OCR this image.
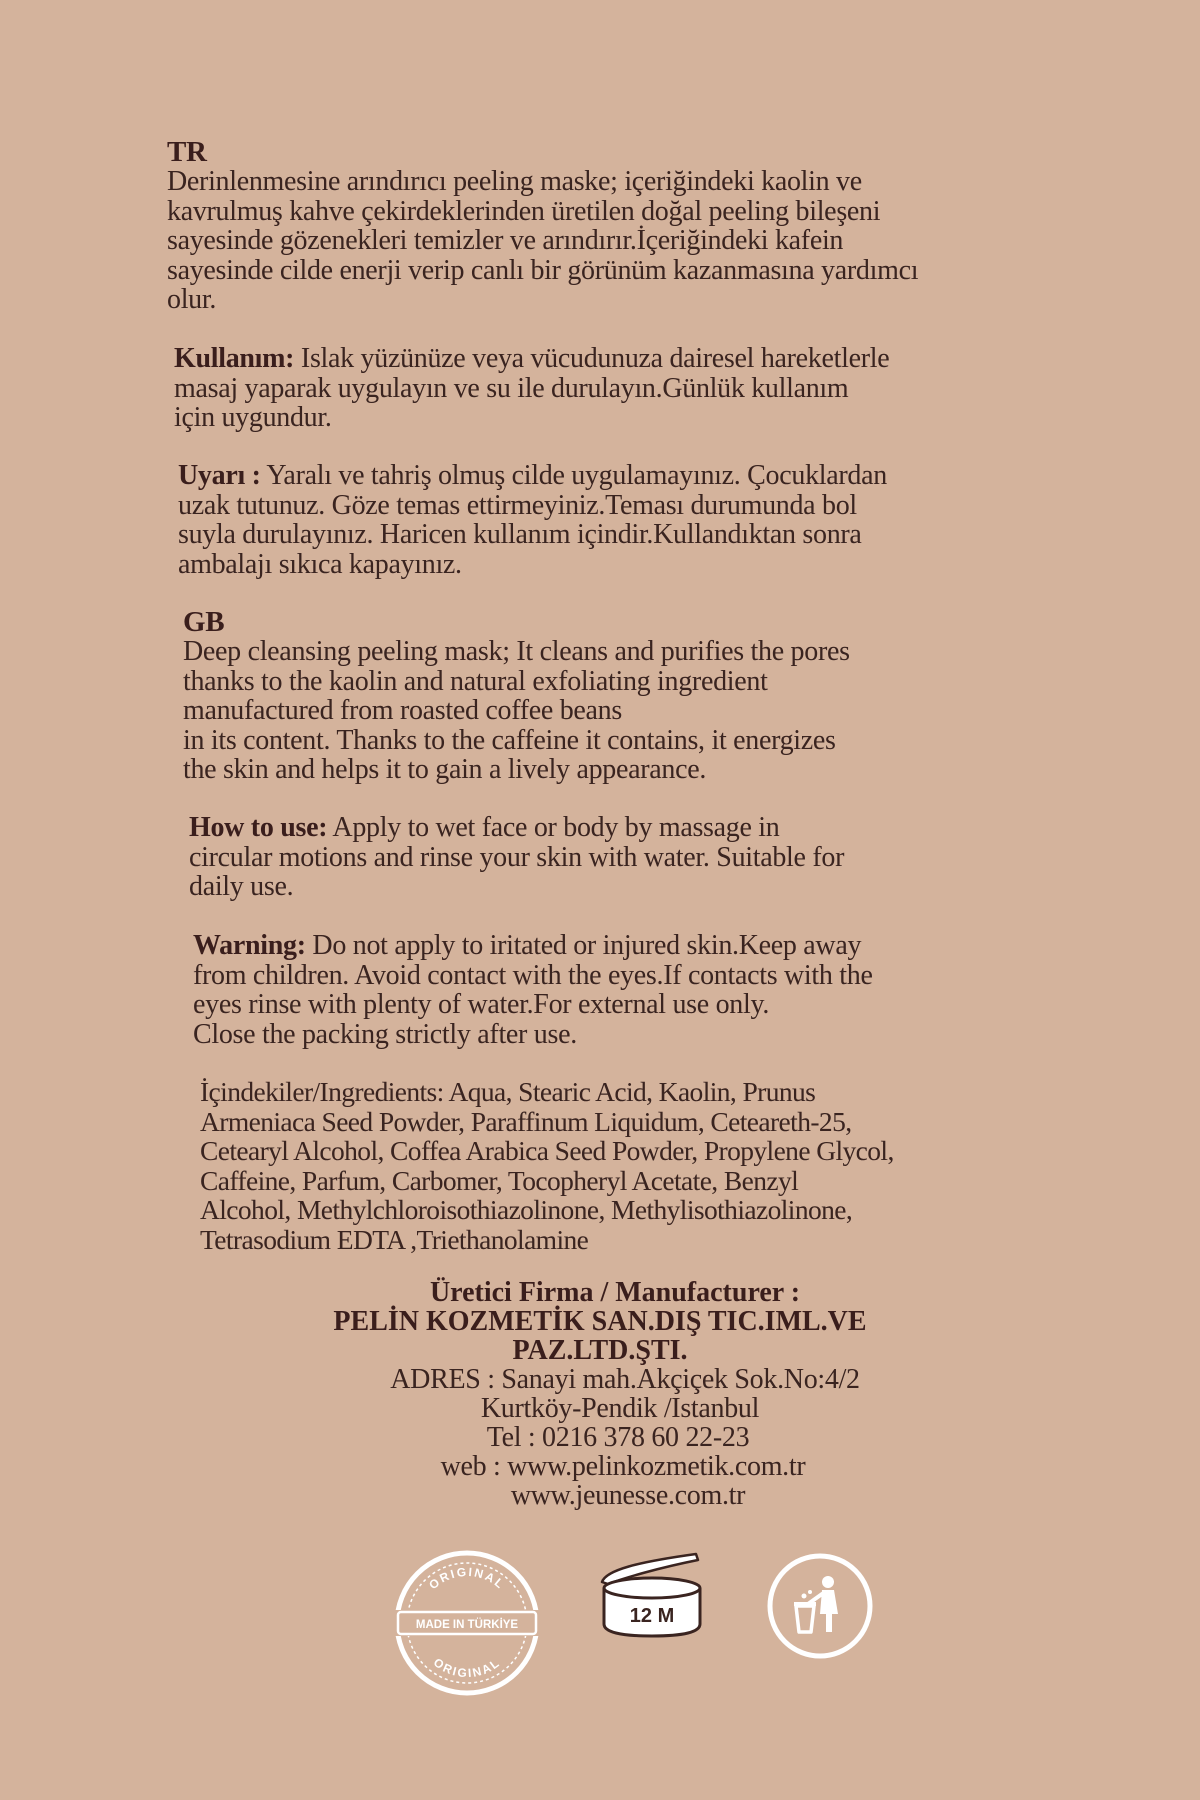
TR

Derinlenmesine arındırıcı peeling maske; içeriğindeki kaolin ve

kavrulmuş kahve çekirdeklerinden üretilen doğal peeling bileşeni

sayesinde gözenekleri temizler ve arındırır.İçeriğindeki kafein

sayesinde cilde enerji verip canlı bir görünüm kazanmasına yardımcı

olur.

Kullanım: Islak yüzünüze veya vücudunuza dairesel hareketlerle

masaj yaparak uygulayın ve su ile durulayın.Günlük kullanım

için uygundur.

Uyarı : Yaralı ve tahriş olmuş cilde uygulamayınız. Çocuklardan

uzak tutunuz. Göze temas ettirmeyiniz.Teması durumunda bol

suyla durulayınız. Haricen kullanım içindir.Kullandıktan sonra

ambalajı sıkıca kapayınız.

GB

Deep cleansing peeling mask; It cleans and purifies the pores

thanks to the kaolin and natural exfoliating ingredient

manufactured from roasted coffee beans

in its content. Thanks to the caffeine it contains, it energizes

the skin and helps it to gain a lively appearance.

How to use: Apply to wet face or body by massage in

circular motions and rinse your skin with water. Suitable for

daily use.

Warning: Do not apply to iritated or injured skin.Keep away

from children. Avoid contact with the eyes.If contacts with the

eyes rinse with plenty of water.For external use only.

Close the packing strictly after use.

İçindekiler/Ingredients: Aqua, Stearic Acid, Kaolin, Prunus

Armeniaca Seed Powder, Paraffinum Liquidum, Ceteareth-25,

Cetearyl Alcohol, Coffea Arabica Seed Powder, Propylene Glycol,

Caffeine, Parfum, Carbomer, Tocopheryl Acetate, Benzyl

Alcohol, Methylchloroisothiazolinone, Methylisothiazolinone,

Tetrasodium EDTA ,Triethanolamine

Üretici Firma / Manufacturer :

PELİN KOZMETİK SAN.DIŞ TIC.IML.VE

PAZ.LTD.ŞTI.

ADRES : Sanayi mah.Akçiçek Sok.No:4/2

Kurtköy-Pendik /Istanbul

Tel : 0216 378 60 22-23

web : www.pelinkozmetik.com.tr

www.jeunesse.com.tr

ORIGINAL
MADE IN TÜRKİYE
ORIGINAL
12 M
